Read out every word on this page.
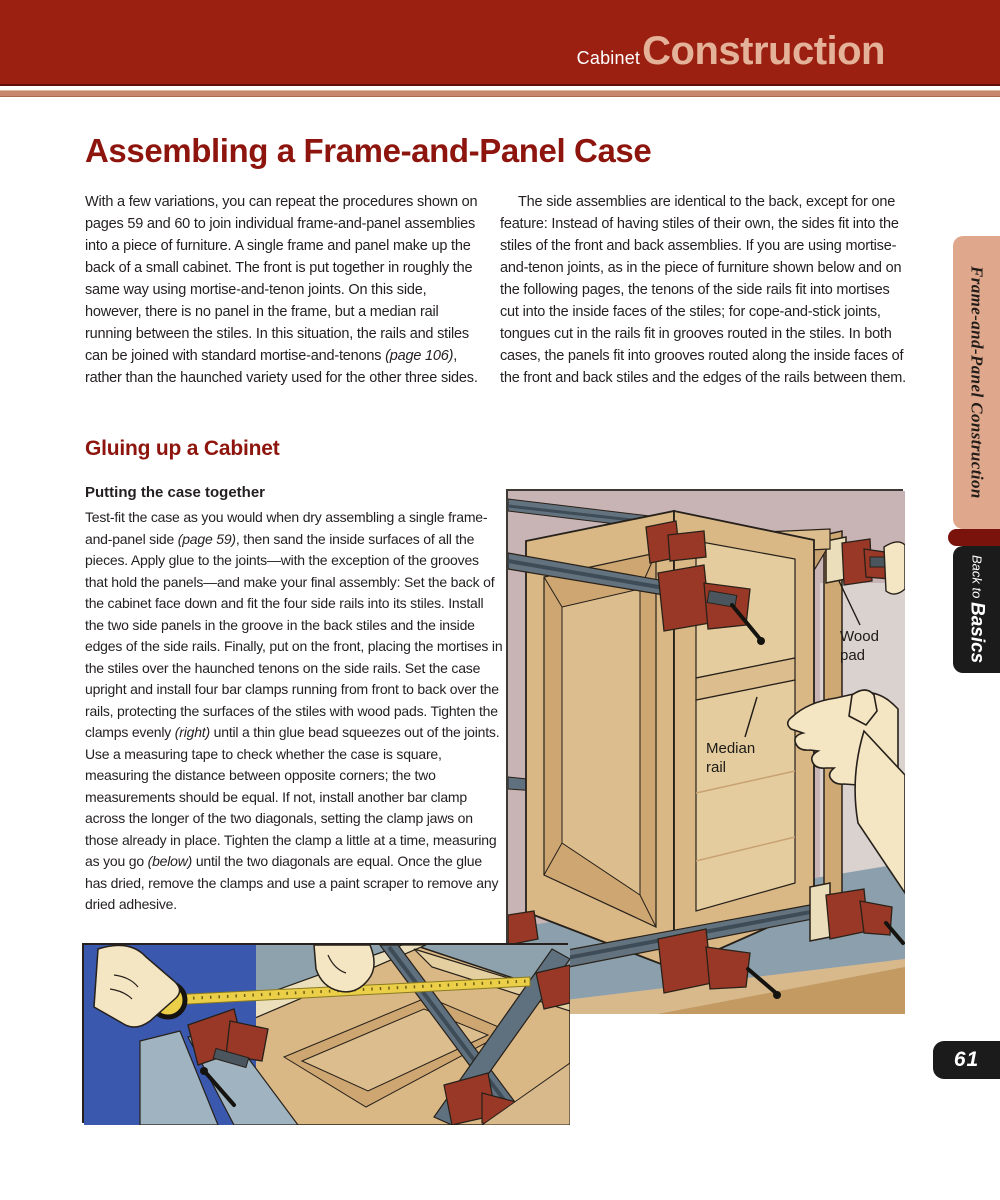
Cabinet Construction
Assembling a Frame-and-Panel Case

With a few variations, you can repeat the procedures shown on pages 59 and 60 to join individual frame-and-panel assemblies into a piece of furniture. A single frame and panel make up the back of a small cabinet. The front is put together in roughly the same way using mortise-and-tenon joints. On this side, however, there is no panel in the frame, but a median rail running between the stiles. In this situation, the rails and stiles can be joined with standard mortise-and-tenons (page 106), rather than the haunched variety used for the other three sides.

The side assemblies are identical to the back, except for one feature: Instead of having stiles of their own, the sides fit into the stiles of the front and back assemblies. If you are using mortise-and-tenon joints, as in the piece of furniture shown below and on the following pages, the tenons of the side rails fit into mortises cut into the inside faces of the stiles; for cope-and-stick joints, tongues cut in the rails fit in grooves routed in the stiles. In both cases, the panels fit into grooves routed along the inside faces of the front and back stiles and the edges of the rails between them.

Gluing up a Cabinet
Putting the case together

Test-fit the case as you would when dry assembling a single frame-and-panel side (page 59), then sand the inside surfaces of all the pieces. Apply glue to the joints—with the exception of the grooves that hold the panels—and make your final assembly: Set the back of the cabinet face down and fit the four side rails into its stiles. Install the two side panels in the groove in the back stiles and the inside edges of the side rails. Finally, put on the front, placing the mortises in the stiles over the haunched tenons on the side rails. Set the case upright and install four bar clamps running from front to back over the rails, protecting the surfaces of the stiles with wood pads. Tighten the clamps evenly (right) until a thin glue bead squeezes out of the joints. Use a measuring tape to check whether the case is square, measuring the distance between opposite corners; the two measurements should be equal. If not, install another bar clamp across the longer of the two diagonals, setting the clamp jaws on those already in place. Tighten the clamp a little at a time, measuring as you go (below) until the two diagonals are equal. Once the glue has dried, remove the clamps and use a paint scraper to remove any dried adhesive.

Wood pad
Median rail
Frame-and-Panel Construction
Back to Basics
61
